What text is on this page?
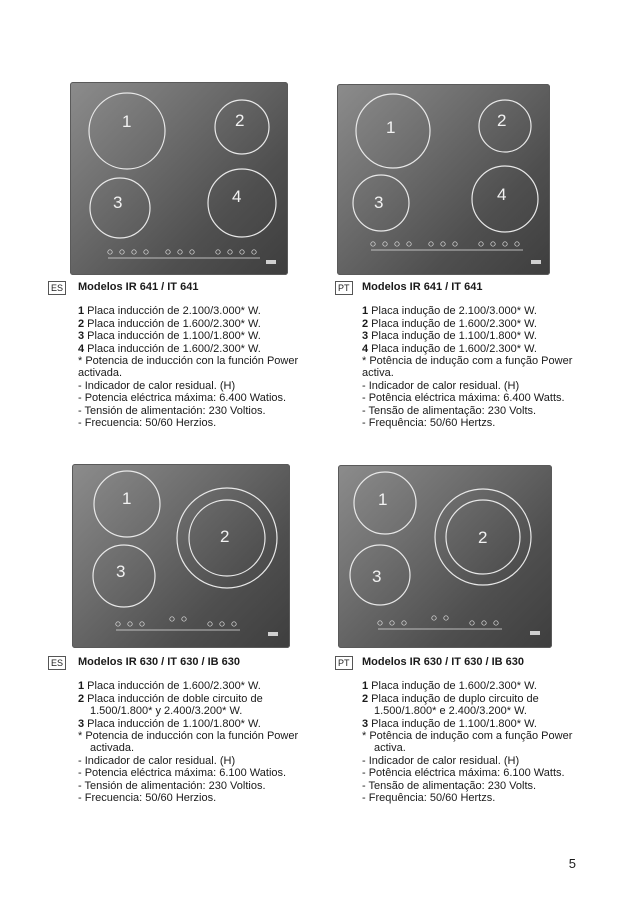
1	2
3	4
1	2
3	4
1
2
3
1
2
3
ES Modelos IR 641 / IT 641

1 Placa inducción de 2.100/3.000* W.

2 Placa inducción de 1.600/2.300* W.

3 Placa inducción de 1.100/1.800* W.

4 Placa inducción de 1.600/2.300* W.

* Potencia de inducción con la función Power

activada.

- Indicador de calor residual. (H)

- Potencia eléctrica máxima: 6.400 Watios.

- Tensión de alimentación: 230 Voltios.

- Frecuencia: 50/60 Herzios.

PT Modelos IR 641 / IT 641

1 Placa indução de 2.100/3.000* W.

2 Placa indução de 1.600/2.300* W.

3 Placa indução de 1.100/1.800* W.

4 Placa indução de 1.600/2.300* W.

* Potência de indução com a função Power

activa.

- Indicador de calor residual. (H)

- Potência eléctrica máxima: 6.400 Watts.

- Tensão de alimentação: 230 Volts.

- Frequência: 50/60 Hertzs.

ES Modelos IR 630 / IT 630 / IB 630

1 Placa inducción de 1.600/2.300* W.

2 Placa inducción de doble circuito de

1.500/1.800* y 2.400/3.200* W.

3 Placa inducción de 1.100/1.800* W.

* Potencia de inducción con la función Power

activada.

- Indicador de calor residual. (H)

- Potencia eléctrica máxima: 6.100 Watios.

- Tensión de alimentación: 230 Voltios.

- Frecuencia: 50/60 Herzios.

PT Modelos IR 630 / IT 630 / IB 630

1 Placa indução de 1.600/2.300* W.

2 Placa indução de duplo circuito de

1.500/1.800* e 2.400/3.200* W.

3 Placa indução de 1.100/1.800* W.

* Potência de indução com a função Power

activa.

- Indicador de calor residual. (H)

- Potência eléctrica máxima: 6.100 Watts.

- Tensão de alimentação: 230 Volts.

- Frequência: 50/60 Hertzs.

5
